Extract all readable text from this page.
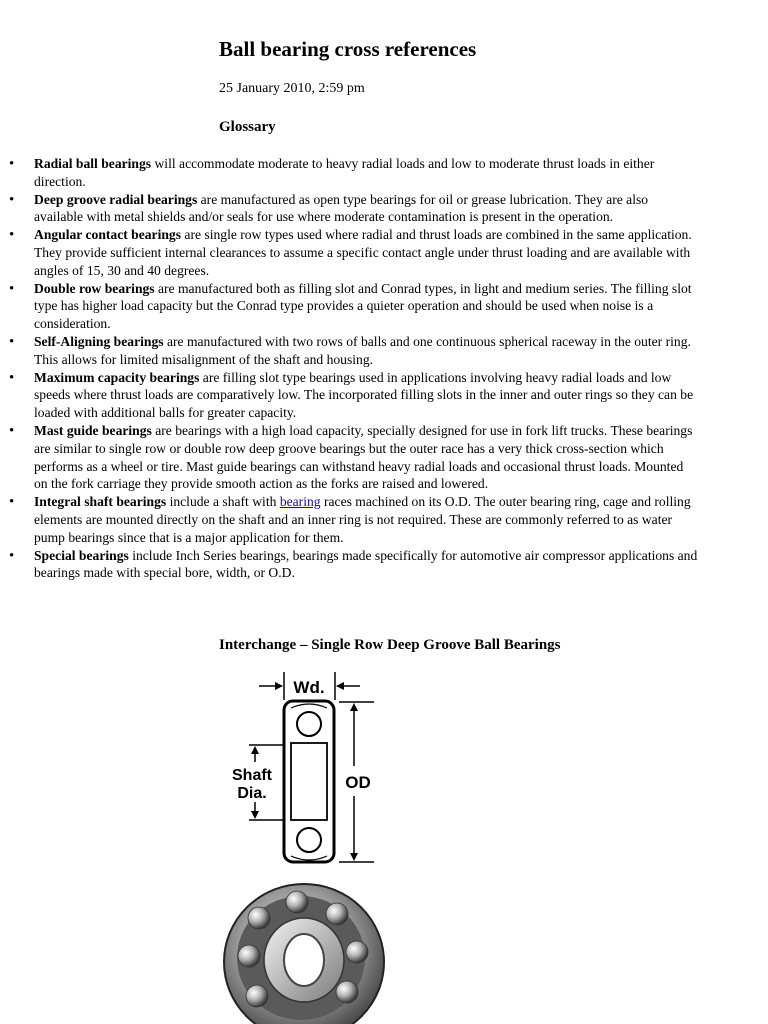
Ball bearing cross references
25 January 2010, 2:59 pm
Glossary
• Radial ball bearings will accommodate moderate to heavy radial loads and low to moderate thrust loads in either direction.
• Deep groove radial bearings are manufactured as open type bearings for oil or grease lubrication. They are also available with metal shields and/or seals for use where moderate contamination is present in the operation.
• Angular contact bearings are single row types used where radial and thrust loads are combined in the same application. They provide sufficient internal clearances to assume a specific contact angle under thrust loading and are available with angles of 15, 30 and 40 degrees.
• Double row bearings are manufactured both as filling slot and Conrad types, in light and medium series. The filling slot type has higher load capacity but the Conrad type provides a quieter operation and should be used when noise is a consideration.
• Self-Aligning bearings are manufactured with two rows of balls and one continuous spherical raceway in the outer ring. This allows for limited misalignment of the shaft and housing.
• Maximum capacity bearings are filling slot type bearings used in applications involving heavy radial loads and low speeds where thrust loads are comparatively low. The incorporated filling slots in the inner and outer rings so they can be loaded with additional balls for greater capacity.
• Mast guide bearings are bearings with a high load capacity, specially designed for use in fork lift trucks. These bearings are similar to single row or double row deep groove bearings but the outer race has a very thick cross-section which performs as a wheel or tire. Mast guide bearings can withstand heavy radial loads and occasional thrust loads. Mounted on the fork carriage they provide smooth action as the forks are raised and lowered.
• Integral shaft bearings include a shaft with bearing races machined on its O.D. The outer bearing ring, cage and rolling elements are mounted directly on the shaft and an inner ring is not required. These are commonly referred to as water pump bearings since that is a major application for them.
• Special bearings include Inch Series bearings, bearings made specifically for automotive air compressor applications and bearings made with special bore, width, or O.D.
Interchange – Single Row Deep Groove Ball Bearings
Wd.
Shaft
Dia.
OD
